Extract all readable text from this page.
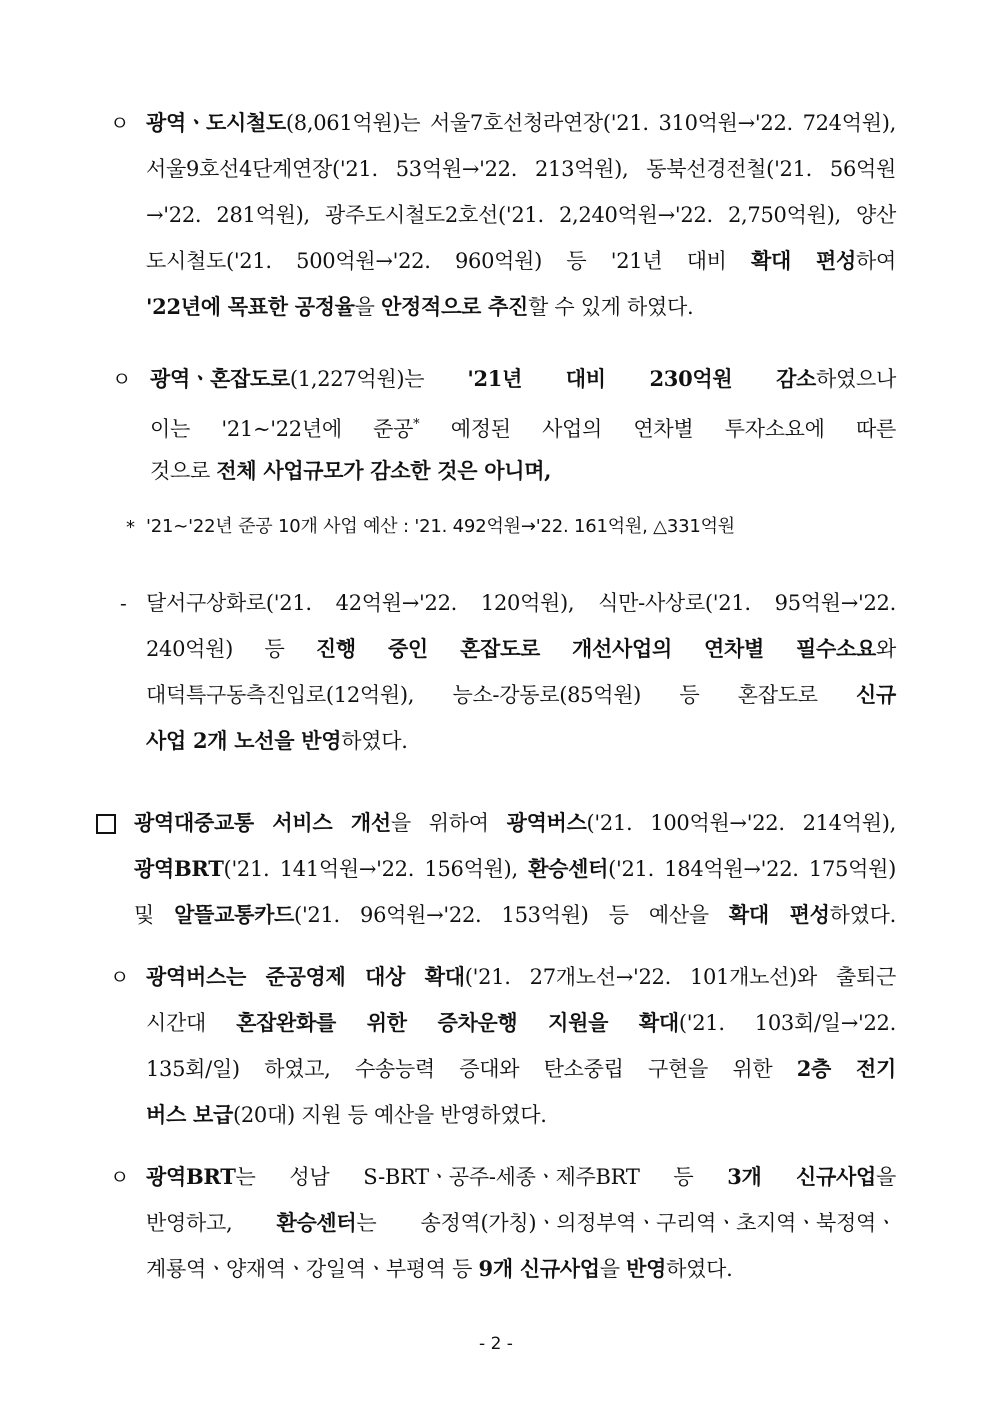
ㅇ 광역ㆍ도시철도(8,061억원)는 서울7호선청라연장('21. 310억원→'22. 724억원),
서울9호선4단계연장('21. 53억원→'22. 213억원), 동북선경전철('21. 56억원
→'22. 281억원), 광주도시철도2호선('21. 2,240억원→'22. 2,750억원), 양산
도시철도('21. 500억원→'22. 960억원) 등 '21년 대비 확대 편성하여
'22년에 목표한 공정율을 안정적으로 추진할 수 있게 하였다.
ㅇ 광역ㆍ혼잡도로(1,227억원)는 '21년 대비 230억원 감소하였으나
이는 '21∼'22년에 준공* 예정된 사업의 연차별 투자소요에 따른
것으로 전체 사업규모가 감소한 것은 아니며,
* '21∼'22년 준공 10개 사업 예산 : '21. 492억원→'22. 161억원, △331억원
- 달서구상화로('21. 42억원→'22. 120억원), 식만-사상로('21. 95억원→'22.
240억원) 등 진행 중인 혼잡도로 개선사업의 연차별 필수소요와
대덕특구동측진입로(12억원), 능소-강동로(85억원) 등 혼잡도로 신규
사업 2개 노선을 반영하였다.
광역대중교통 서비스 개선을 위하여 광역버스('21. 100억원→'22. 214억원),
광역BRT('21. 141억원→'22. 156억원), 환승센터('21. 184억원→'22. 175억원)
및 알뜰교통카드('21. 96억원→'22. 153억원) 등 예산을 확대 편성하였다.
ㅇ 광역버스는 준공영제 대상 확대('21. 27개노선→'22. 101개노선)와 출퇴근
시간대 혼잡완화를 위한 증차운행 지원을 확대('21. 103회/일→'22.
135회/일) 하였고, 수송능력 증대와 탄소중립 구현을 위한 2층 전기
버스 보급(20대) 지원 등 예산을 반영하였다.
ㅇ 광역BRT는 성남 S-BRTㆍ공주-세종ㆍ제주BRT 등 3개 신규사업을
반영하고, 환승센터는 송정역(가칭)ㆍ의정부역ㆍ구리역ㆍ초지역ㆍ북정역ㆍ
계룡역ㆍ양재역ㆍ강일역ㆍ부평역 등 9개 신규사업을 반영하였다.
- 2 -
